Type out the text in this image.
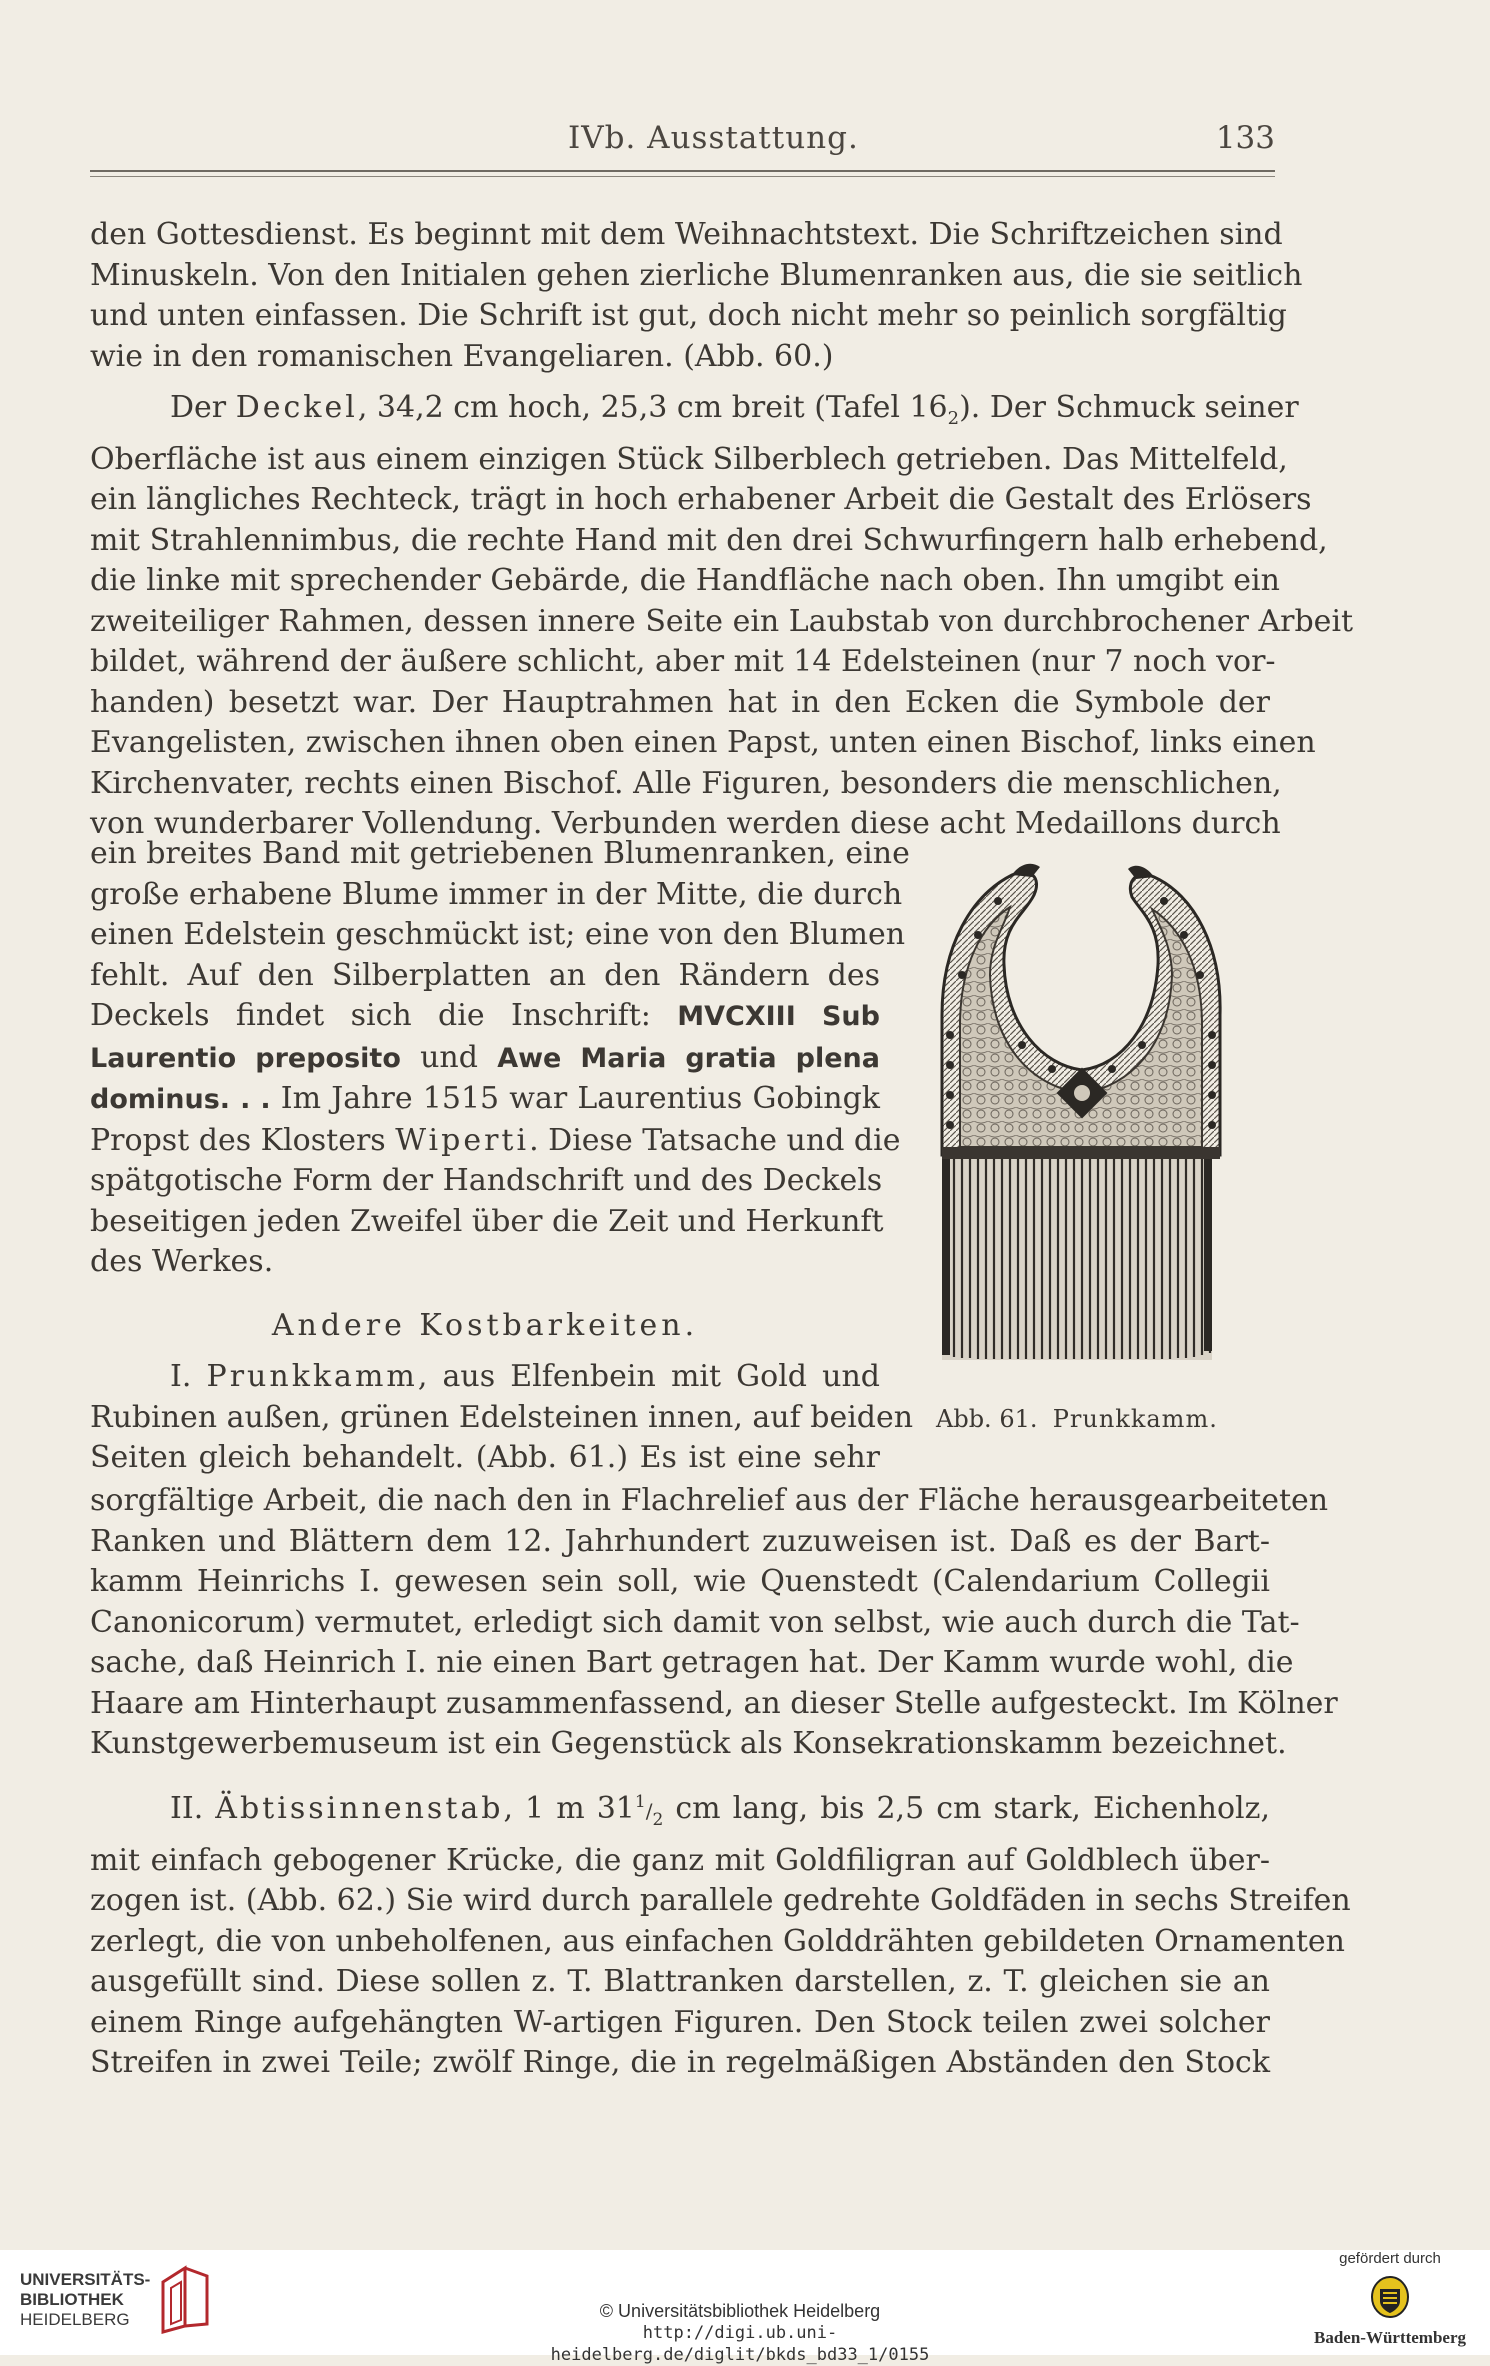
IVb. Ausstattung.	133
den Gottesdienst. Es beginnt mit dem Weihnachtstext. Die Schriftzeichen sind
Minuskeln. Von den Initialen gehen zierliche Blumenranken aus, die sie seitlich
und unten einfassen. Die Schrift ist gut, doch nicht mehr so peinlich sorgfältig
wie in den romanischen Evangeliaren. (Abb. 60.)
Der Deckel, 34,2 cm hoch, 25,3 cm breit (Tafel $16_2$). Der Schmuck seiner
Oberfläche ist aus einem einzigen Stück Silberblech getrieben. Das Mittelfeld,
ein längliches Rechteck, trägt in hoch erhabener Arbeit die Gestalt des Erlösers
mit Strahlennimbus, die rechte Hand mit den drei Schwurfingern halb erhebend,
die linke mit sprechender Gebärde, die Handfläche nach oben. Ihn umgibt ein
zweiteiliger Rahmen, dessen innere Seite ein Laubstab von durchbrochener Arbeit
bildet, während der äußere schlicht, aber mit 14 Edelsteinen (nur 7 noch vor-
handen) besetzt war. Der Hauptrahmen hat in den Ecken die Symbole der
Evangelisten, zwischen ihnen oben einen Papst, unten einen Bischof, links einen
Kirchenvater, rechts einen Bischof. Alle Figuren, besonders die menschlichen,
von wunderbarer Vollendung. Verbunden werden diese acht Medaillons durch
ein breites Band mit getriebenen Blumenranken, eine
große erhabene Blume immer in der Mitte, die durch
einen Edelstein geschmückt ist; eine von den Blumen
fehlt. Auf den Silberplatten an den Rändern des
Deckels findet sich die Inschrift: MVCXIII Sub
Laurentio preposito und Awe Maria gratia plena
dominus. . . Im Jahre 1515 war Laurentius Gobingk
Propst des Klosters Wiperti. Diese Tatsache und die
spätgotische Form der Handschrift und des Deckels
beseitigen jeden Zweifel über die Zeit und Herkunft
des Werkes.
Andere Kostbarkeiten.
I. Prunkkamm, aus Elfenbein mit Gold und
Rubinen außen, grünen Edelsteinen innen, auf beiden
Seiten gleich behandelt. (Abb. 61.) Es ist eine sehr
sorgfältige Arbeit, die nach den in Flachrelief aus der Fläche herausgearbeiteten
Ranken und Blättern dem 12. Jahrhundert zuzuweisen ist. Daß es der Bart-
kamm Heinrichs I. gewesen sein soll, wie Quenstedt (Calendarium Collegii
Canonicorum) vermutet, erledigt sich damit von selbst, wie auch durch die Tat-
sache, daß Heinrich I. nie einen Bart getragen hat. Der Kamm wurde wohl, die
Haare am Hinterhaupt zusammenfassend, an dieser Stelle aufgesteckt. Im Kölner
Kunstgewerbemuseum ist ein Gegenstück als Konsekrationskamm bezeichnet.
II. Äbtissinnenstab, 1 m $31^1/_2$ cm lang, bis 2,5 cm stark, Eichenholz,
mit einfach gebogener Krücke, die ganz mit Goldfiligran auf Goldblech über-
zogen ist. (Abb. 62.) Sie wird durch parallele gedrehte Goldfäden in sechs Streifen
zerlegt, die von unbeholfenen, aus einfachen Golddrähten gebildeten Ornamenten
ausgefüllt sind. Diese sollen z. T. Blattranken darstellen, z. T. gleichen sie an
einem Ringe aufgehängten W-artigen Figuren. Den Stock teilen zwei solcher
Streifen in zwei Teile; zwölf Ringe, die in regelmäßigen Abständen den Stock
Abb. 61. Prunkkamm.
UNIVERSITÄTS-
BIBLIOTHEK
HEIDELBERG	© Universitätsbibliothek Heidelberg
http://digi.ub.uni-heidelberg.de/diglit/bkds_bd33_1/0155
gefördert durch
Baden-Württemberg
